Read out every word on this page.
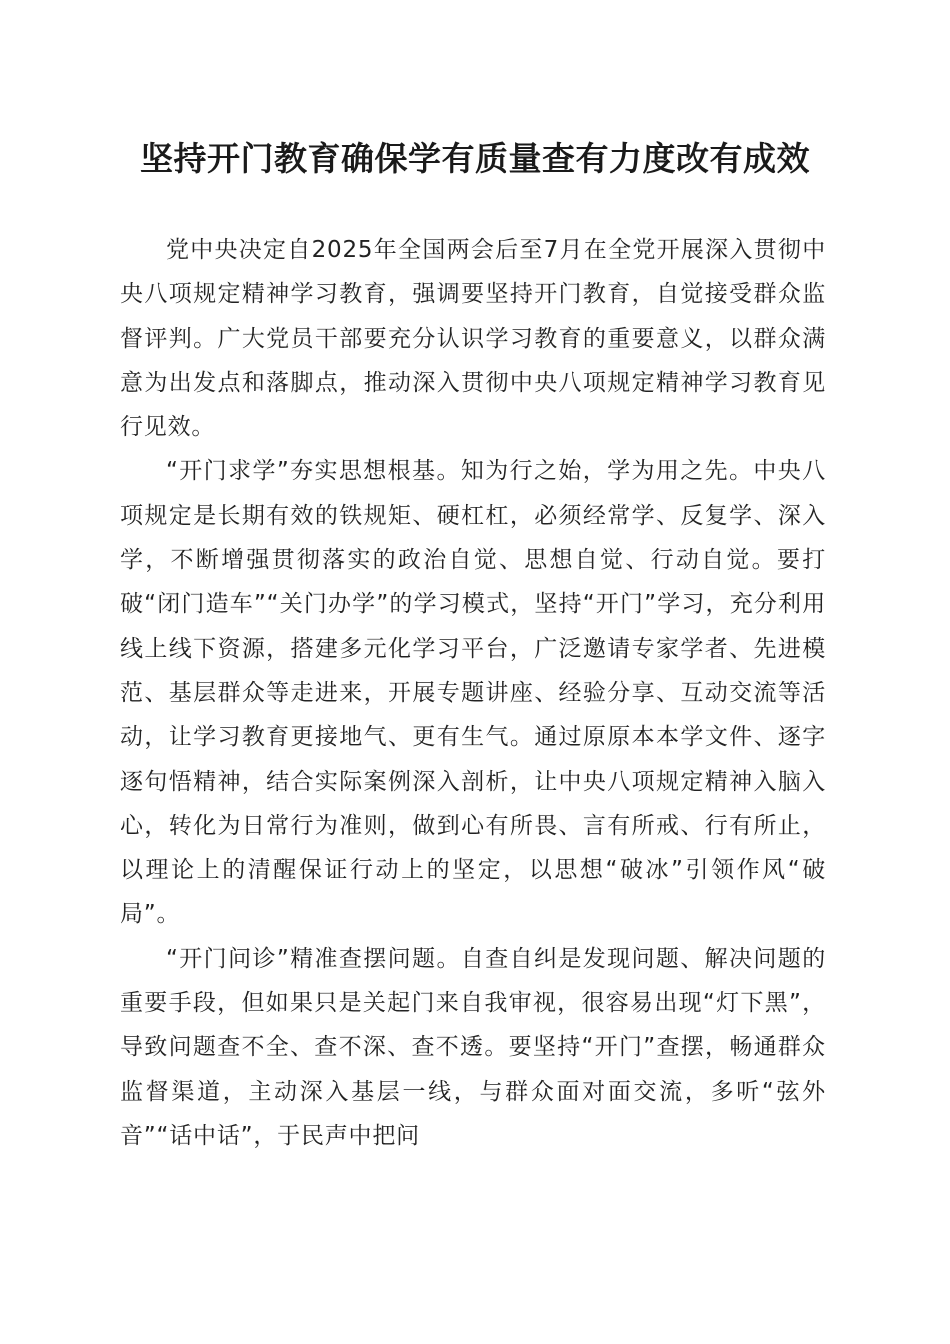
坚持开门教育确保学有质量查有力度改有成效

党中央决定自2025年全国两会后至7月在全党开展深入贯彻中央八项规定精神学习教育，强调要坚持开门教育，自觉接受群众监督评判。广大党员干部要充分认识学习教育的重要意义，以群众满意为出发点和落脚点，推动深入贯彻中央八项规定精神学习教育见行见效。

“开门求学”夯实思想根基。知为行之始，学为用之先。中央八项规定是长期有效的铁规矩、硬杠杠，必须经常学、反复学、深入学，不断增强贯彻落实的政治自觉、思想自觉、行动自觉。要打破“闭门造车”“关门办学”的学习模式，坚持“开门”学习，充分利用线上线下资源，搭建多元化学习平台，广泛邀请专家学者、先进模范、基层群众等走进来，开展专题讲座、经验分享、互动交流等活动，让学习教育更接地气、更有生气。通过原原本本学文件、逐字逐句悟精神，结合实际案例深入剖析，让中央八项规定精神入脑入心，转化为日常行为准则，做到心有所畏、言有所戒、行有所止，以理论上的清醒保证行动上的坚定，以思想“破冰”引领作风“破局”。

“开门问诊”精准查摆问题。自查自纠是发现问题、解决问题的重要手段，但如果只是关起门来自我审视，很容易出现“灯下黑”，导致问题查不全、查不深、查不透。要坚持“开门”查摆，畅通群众监督渠道，主动深入基层一线，与群众面对面交流，多听“弦外音”“话中话”，于民声中把问
